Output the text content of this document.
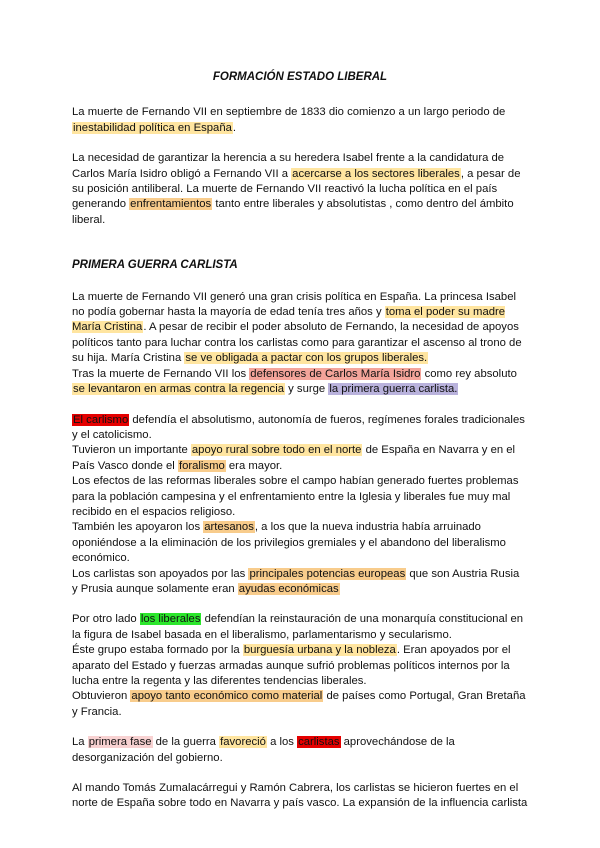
FORMACIÓN ESTADO LIBERAL

La muerte de Fernando VII en septiembre de 1833 dio comienzo a un largo periodo de inestabilidad política en España.

La necesidad de garantizar la herencia a su heredera Isabel frente a la candidatura de Carlos María Isidro obligó a Fernando VII a acercarse a los sectores liberales, a pesar de su posición antiliberal. La muerte de Fernando VII reactivó la lucha política en el país generando enfrentamientos tanto entre liberales y absolutistas , como dentro del ámbito liberal.

PRIMERA GUERRA CARLISTA

La muerte de Fernando VII generó una gran crisis política en España. La princesa Isabel no podía gobernar hasta la mayoría de edad tenía tres años y toma el poder su madre María Cristina. A pesar de recibir el poder absoluto de Fernando, la necesidad de apoyos políticos tanto para luchar contra los carlistas como para garantizar el ascenso al trono de su hija. María Cristina se ve obligada a pactar con los grupos liberales.

Tras la muerte de Fernando VII los defensores de Carlos María Isidro como rey absoluto se levantaron en armas contra la regencia y surge la primera guerra carlista.

El carlismo defendía el absolutismo, autonomía de fueros, regímenes forales tradicionales y el catolicismo.

Tuvieron un importante apoyo rural sobre todo en el norte de España en Navarra y en el País Vasco donde el foralismo era mayor.

Los efectos de las reformas liberales sobre el campo habían generado fuertes problemas para la población campesina y el enfrentamiento entre la Iglesia y liberales fue muy mal recibido en el espacios religioso.

También les apoyaron los artesanos, a los que la nueva industria había arruinado oponiéndose a la eliminación de los privilegios gremiales y el abandono del liberalismo económico.

Los carlistas son apoyados por las principales potencias europeas que son Austria Rusia y Prusia aunque solamente eran ayudas económicas

Por otro lado los liberales defendían la reinstauración de una monarquía constitucional en la figura de Isabel basada en el liberalismo, parlamentarismo y secularismo.

Éste grupo estaba formado por la burguesía urbana y la nobleza. Eran apoyados por el aparato del Estado y fuerzas armadas aunque sufrió problemas políticos internos por la lucha entre la regenta y las diferentes tendencias liberales.

Obtuvieron apoyo tanto económico como material de países como Portugal, Gran Bretaña y Francia.

La primera fase de la guerra favoreció a los carlistas aprovechándose de la desorganización del gobierno.

Al mando Tomás Zumalacárregui y Ramón Cabrera, los carlistas se hicieron fuertes en el norte de España sobre todo en Navarra y país vasco. La expansión de la influencia carlista
